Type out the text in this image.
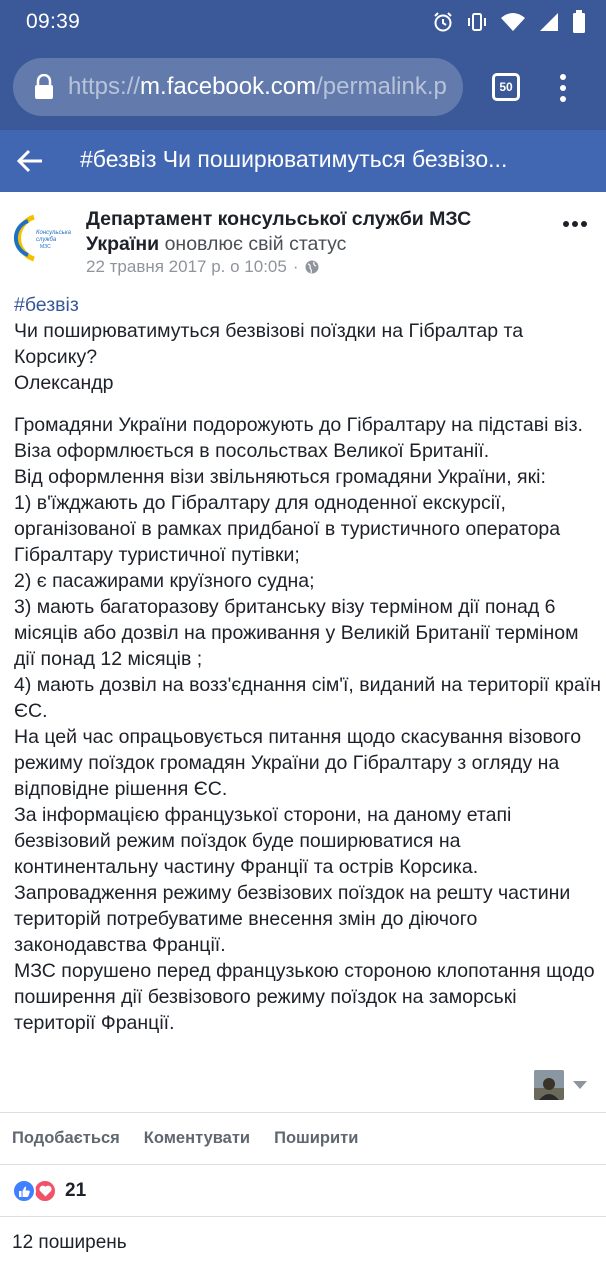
09:39
https://m.facebook.com/permalink.p	50
#безвіз Чи поширюватимуться безвізо...
Консульська
служба
МЗС
Департамент консульської служби МЗС України оновлює свій статус
22 травня 2017 р. о 10:05 ·
#безвіз
Чи поширюватимуться безвізові поїздки на Гібралтар та Корсику?
Олександр
Громадяни України подорожують до Гібралтару на підставі віз. Віза оформлюється в посольствах Великої Британії.
Від оформлення візи звільняються громадяни України, які:
1) в'їжджають до Гібралтару для одноденної екскурсії, організованої в рамках придбаної в туристичного оператора Гібралтару туристичної путівки;
2) є пасажирами круїзного судна;
3) мають багаторазову британську візу терміном дії понад 6 місяців або дозвіл на проживання у Великій Британії терміном дії понад 12 місяців ;
4) мають дозвіл на возз'єднання сім'ї, виданий на території країн ЄС.
На цей час опрацьовується питання щодо скасування візового режиму поїздок громадян України до Гібралтару з огляду на відповідне рішення ЄС.
За інформацією французької сторони, на даному етапі безвізовий режим поїздок буде поширюватися на континентальну частину Франції та острів Корсика.
Запровадження режиму безвізових поїздок на решту частини територій потребуватиме внесення змін до діючого законодавства Франції.
МЗС порушено перед французькою стороною клопотання щодо поширення дії безвізового режиму поїздок на заморські території Франції.
Подобається Коментувати Поширити
21
12 поширень
